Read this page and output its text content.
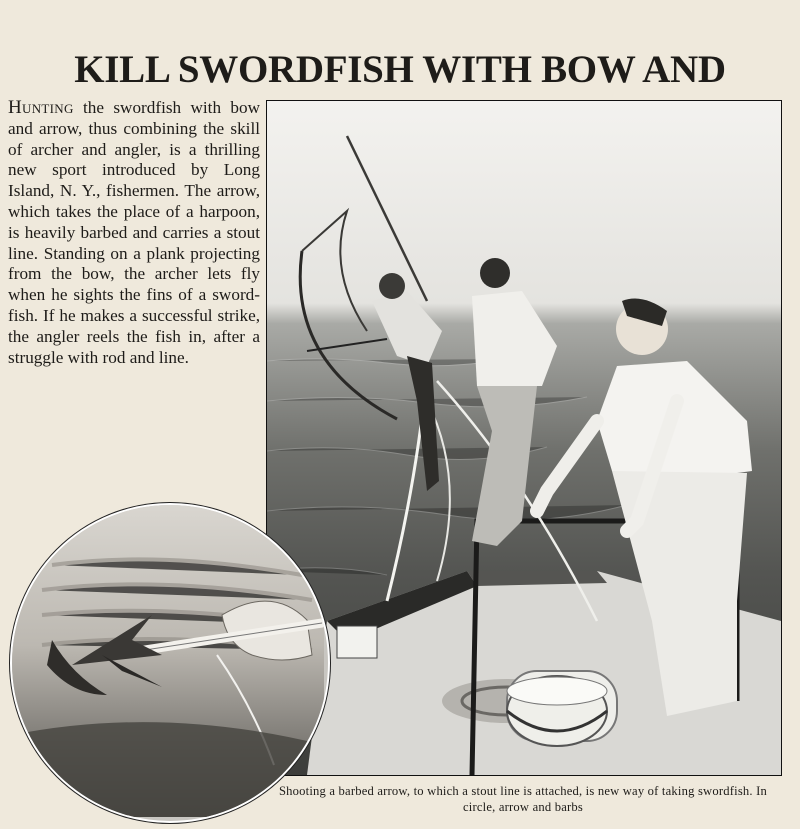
KILL SWORDFISH WITH BOW AND

Hunting the swordfish with bow and arrow, thus combining the skill of archer and angler, is a thrilling new sport introduced by Long Island, N. Y., fishermen. The arrow, which takes the place of a harpoon, is heavily barbed and carries a stout line. Standing on a plank projecting from the bow, the archer lets fly when he sights the fins of a swordfish. If he makes a successful strike, the angler reels the fish in, after a struggle with rod and line.

Shooting a barbed arrow, to which a stout line is attached, is new way of taking swordfish. In circle, arrow and barbs
